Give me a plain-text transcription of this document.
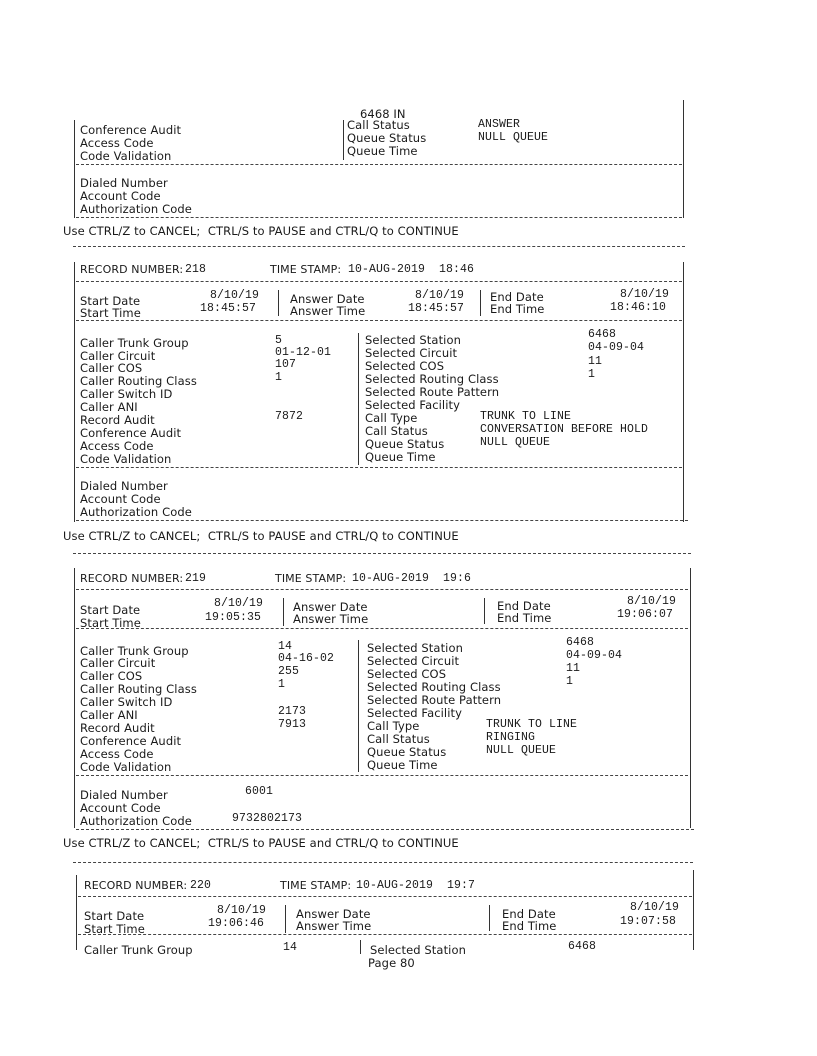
6468 IN
Conference Audit
Access Code
Code Validation
Call Status	ANSWER
Queue Status	NULL QUEUE
Queue Time
Dialed Number
Account Code
Authorization Code
Use CTRL/Z to CANCEL;  CTRL/S to PAUSE and CTRL/Q to CONTINUE
RECORD NUMBER: 218	TIME STAMP: 10-AUG-2019  18:46
Start Date	8/10/19
Start Time	18:45:57
Answer Date	8/10/19
Answer Time	18:45:57
End Date	8/10/19
End Time	18:46:10
Caller Trunk Group	5
Caller Circuit	01-12-01
Caller COS	107
Caller Routing Class	1
Caller Switch ID
Caller ANI
Record Audit	7872
Conference Audit
Access Code
Code Validation
Selected Station	6468
Selected Circuit	04-09-04
Selected COS	11
Selected Routing Class	1
Selected Route Pattern
Selected Facility
Call Type	TRUNK TO LINE
Call Status	CONVERSATION BEFORE HOLD
Queue Status	NULL QUEUE
Queue Time
Dialed Number
Account Code
Authorization Code
Use CTRL/Z to CANCEL;  CTRL/S to PAUSE and CTRL/Q to CONTINUE
RECORD NUMBER: 219	TIME STAMP: 10-AUG-2019  19:6
Start Date	8/10/19
Start Time	19:05:35
Answer Date
Answer Time
End Date	8/10/19
End Time	19:06:07
Caller Trunk Group	14
Caller Circuit	04-16-02
Caller COS	255
Caller Routing Class	1
Caller Switch ID
Caller ANI	2173
Record Audit	7913
Conference Audit
Access Code
Code Validation
Selected Station	6468
Selected Circuit	04-09-04
Selected COS	11
Selected Routing Class	1
Selected Route Pattern
Selected Facility
Call Type	TRUNK TO LINE
Call Status	RINGING
Queue Status	NULL QUEUE
Queue Time
Dialed Number	6001
Account Code
Authorization Code	9732802173
Use CTRL/Z to CANCEL;  CTRL/S to PAUSE and CTRL/Q to CONTINUE
RECORD NUMBER: 220	TIME STAMP: 10-AUG-2019  19:7
Start Date	8/10/19
Start Time	19:06:46
Answer Date
Answer Time
End Date	8/10/19
End Time	19:07:58
Caller Trunk Group	14	Selected Station	6468
Page 80
